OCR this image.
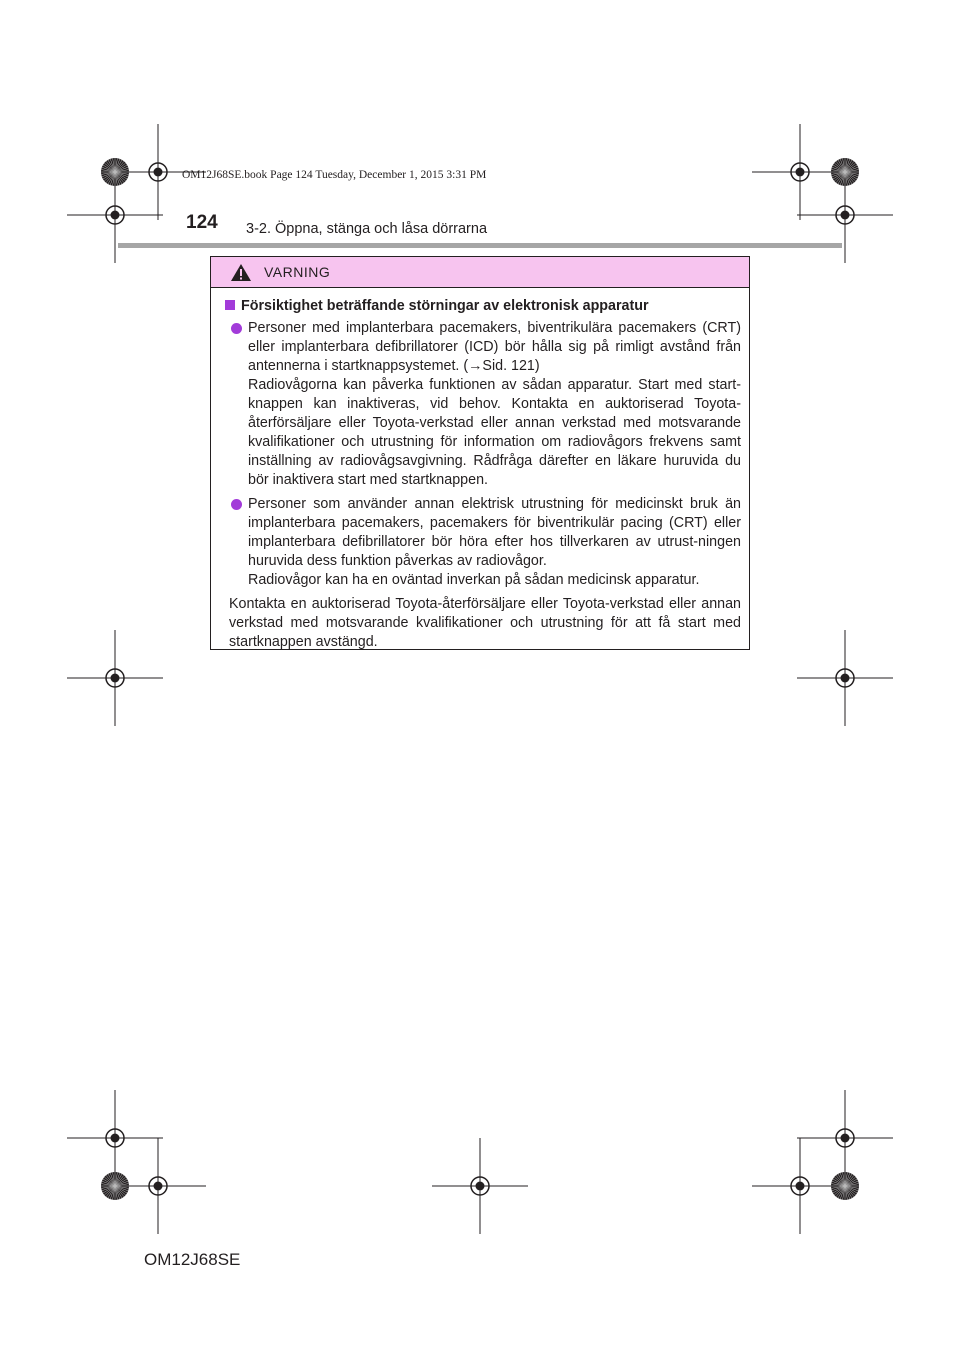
OM12J68SE.book Page 124 Tuesday, December 1, 2015 3:31 PM
124 3-2. Öppna, stänga och låsa dörrarna
VARNING
Försiktighet beträffande störningar av elektronisk apparatur
Personer med implanterbara pacemakers, biventrikulära pacemakers (CRT) eller implanterbara defibrillatorer (ICD) bör hålla sig på rimligt avstånd från antennerna i startknappsystemet. (→Sid. 121)
Radiovågorna kan påverka funktionen av sådan apparatur. Start med start-knappen kan inaktiveras, vid behov. Kontakta en auktoriserad Toyota-återförsäljare eller Toyota-verkstad eller annan verkstad med motsvarande kvalifikationer och utrustning för information om radiovågors frekvens samt inställning av radiovågsavgivning. Rådfråga därefter en läkare huruvida du bör inaktivera start med startknappen.
Personer som använder annan elektrisk utrustning för medicinskt bruk än implanterbara pacemakers, pacemakers för biventrikulär pacing (CRT) eller implanterbara defibrillatorer bör höra efter hos tillverkaren av utrust-ningen huruvida dess funktion påverkas av radiovågor.
Radiovågor kan ha en oväntad inverkan på sådan medicinsk apparatur.
Kontakta en auktoriserad Toyota-återförsäljare eller Toyota-verkstad eller annan verkstad med motsvarande kvalifikationer och utrustning för att få start med startknappen avstängd.
OM12J68SE
